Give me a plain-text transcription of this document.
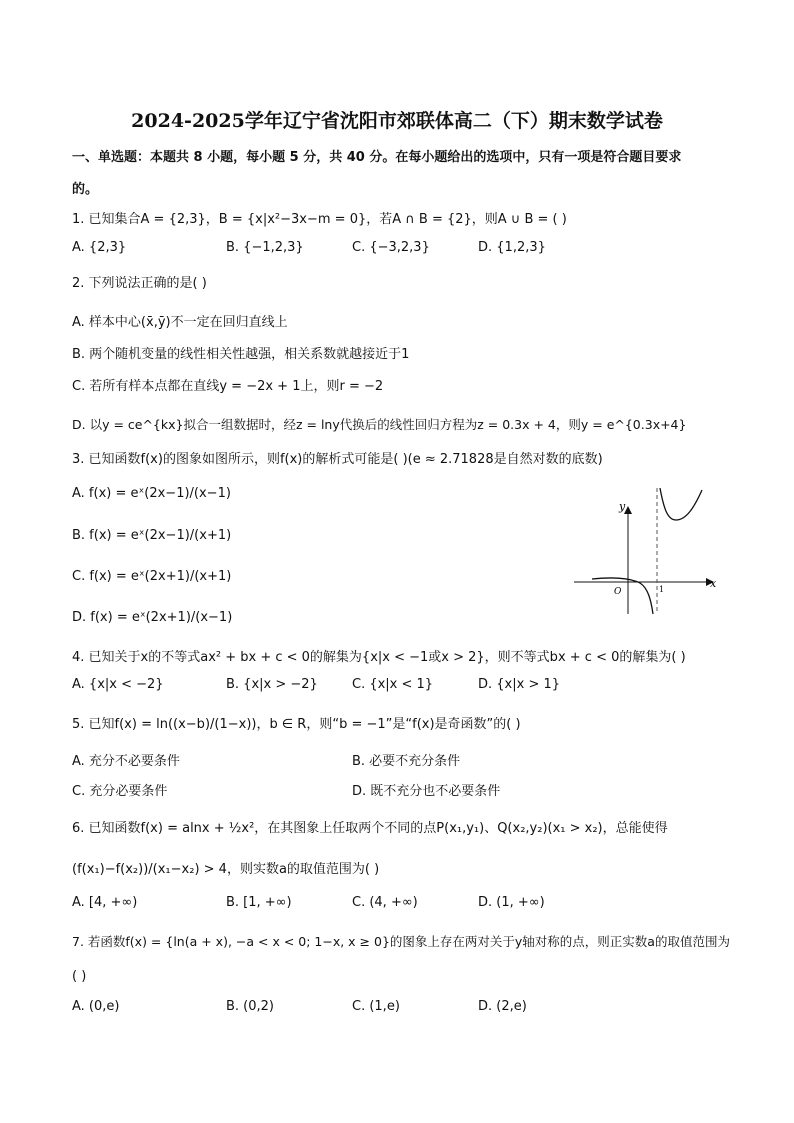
2024-2025学年辽宁省沈阳市郊联体高二（下）期末数学试卷
一、单选题：本题共 8 小题，每小题 5 分，共 40 分。在每小题给出的选项中，只有一项是符合题目要求
的。
1. 已知集合A = {2,3}，B = {x|x²−3x−m = 0}，若A ∩ B = {2}，则A ∪ B = ( )
A. {2,3}	B. {−1,2,3}	C. {−3,2,3}	D. {1,2,3}
2. 下列说法正确的是( )
A. 样本中心(x̄,ȳ)不一定在回归直线上
B. 两个随机变量的线性相关性越强，相关系数就越接近于1
C. 若所有样本点都在直线y = −2x + 1上，则r = −2
D. 以y = ce^{kx}拟合一组数据时，经z = lny代换后的线性回归方程为z = 0.3x + 4，则y = e^{0.3x+4}
3. 已知函数f(x)的图象如图所示，则f(x)的解析式可能是( )(e ≈ 2.71828是自然对数的底数)
A. f(x) = eˣ(2x−1)/(x−1)
B. f(x) = eˣ(2x−1)/(x+1)
C. f(x) = eˣ(2x+1)/(x+1)
D. f(x) = eˣ(2x+1)/(x−1)
y
x
O	1
4. 已知关于x的不等式ax² + bx + c < 0的解集为{x|x < −1或x > 2}，则不等式bx + c < 0的解集为( )
A. {x|x < −2}	B. {x|x > −2}	C. {x|x < 1}	D. {x|x > 1}
5. 已知f(x) = ln((x−b)/(1−x))，b ∈ R，则“b = −1”是“f(x)是奇函数”的( )
A. 充分不必要条件	B. 必要不充分条件
C. 充分必要条件	D. 既不充分也不必要条件
6. 已知函数f(x) = alnx + ½x²，在其图象上任取两个不同的点P(x₁,y₁)、Q(x₂,y₂)(x₁ > x₂)，总能使得
(f(x₁)−f(x₂))/(x₁−x₂) > 4，则实数a的取值范围为( )
A. [4, +∞)	B. [1, +∞)	C. (4, +∞)	D. (1, +∞)
7. 若函数f(x) = {ln(a + x), −a < x < 0; 1−x, x ≥ 0}的图象上存在两对关于y轴对称的点，则正实数a的取值范围为
( )
A. (0,e)	B. (0,2)	C. (1,e)	D. (2,e)
